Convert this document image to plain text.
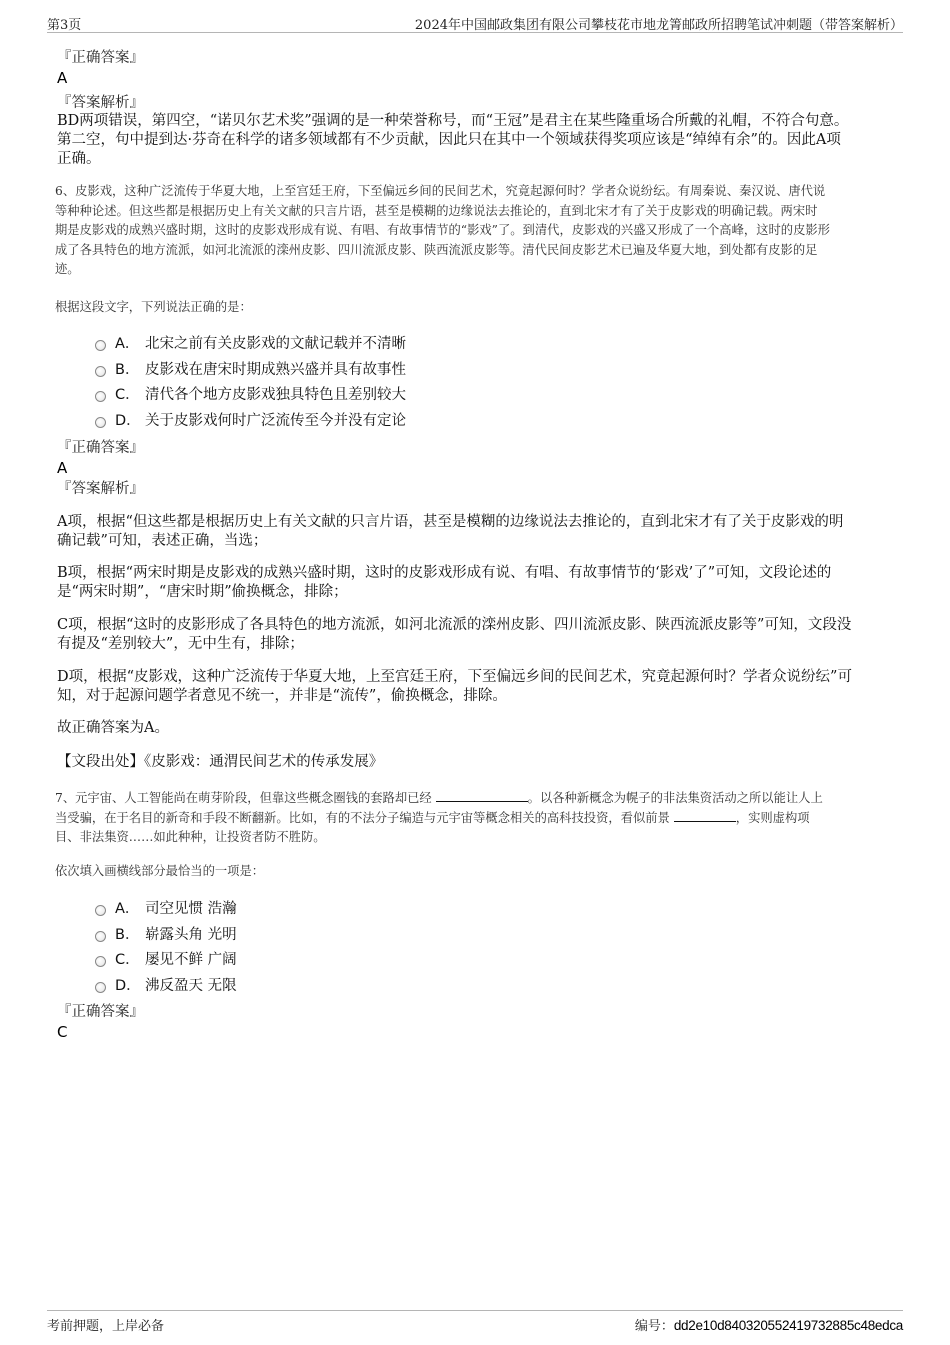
第3页	2024年中国邮政集团有限公司攀枝花市地龙箐邮政所招聘笔试冲刺题（带答案解析）
『正确答案』
A
『答案解析』
BD两项错误，第四空，“诺贝尔艺术奖”强调的是一种荣誉称号，而“王冠”是君主在某些隆重场合所戴的礼帽，不符合句意。
第二空，句中提到达·芬奇在科学的诸多领域都有不少贡献，因此只在其中一个领域获得奖项应该是“绰绰有余”的。因此A项
正确。
6、皮影戏，这种广泛流传于华夏大地，上至宫廷王府，下至偏远乡间的民间艺术，究竟起源何时？学者众说纷纭。有周秦说、秦汉说、唐代说
等种种论述。但这些都是根据历史上有关文献的只言片语，甚至是模糊的边缘说法去推论的，直到北宋才有了关于皮影戏的明确记载。两宋时
期是皮影戏的成熟兴盛时期，这时的皮影戏形成有说、有唱、有故事情节的“影戏”了。到清代，皮影戏的兴盛又形成了一个高峰，这时的皮影形
成了各具特色的地方流派，如河北流派的滦州皮影、四川流派皮影、陕西流派皮影等。清代民间皮影艺术已遍及华夏大地，到处都有皮影的足
迹。
根据这段文字，下列说法正确的是：
A． 北宋之前有关皮影戏的文献记载并不清晰
B． 皮影戏在唐宋时期成熟兴盛并具有故事性
C． 清代各个地方皮影戏独具特色且差别较大
D． 关于皮影戏何时广泛流传至今并没有定论
『正确答案』
A
『答案解析』
A项，根据“但这些都是根据历史上有关文献的只言片语，甚至是模糊的边缘说法去推论的，直到北宋才有了关于皮影戏的明
确记载”可知，表述正确，当选；
B项，根据“两宋时期是皮影戏的成熟兴盛时期，这时的皮影戏形成有说、有唱、有故事情节的‘影戏’了”可知，文段论述的
是“两宋时期”，“唐宋时期”偷换概念，排除；
C项，根据“这时的皮影形成了各具特色的地方流派，如河北流派的滦州皮影、四川流派皮影、陕西流派皮影等”可知，文段没
有提及“差别较大”，无中生有，排除；
D项，根据“皮影戏，这种广泛流传于华夏大地，上至宫廷王府，下至偏远乡间的民间艺术，究竟起源何时？学者众说纷纭”可
知，对于起源问题学者意见不统一，并非是“流传”，偷换概念，排除。
故正确答案为A。
【文段出处】《皮影戏：通渭民间艺术的传承发展》
7、元宇宙、人工智能尚在萌芽阶段，但靠这些概念圈钱的套路却已经	。以各种新概念为幌子的非法集资活动之所以能让人上
当受骗，在于名目的新奇和手段不断翻新。比如，有的不法分子编造与元宇宙等概念相关的高科技投资，看似前景	，实则虚构项
目、非法集资……如此种种，让投资者防不胜防。
依次填入画横线部分最恰当的一项是：
A． 司空见惯 浩瀚
B． 崭露头角 光明
C． 屡见不鲜 广阔
D． 沸反盈天 无限
『正确答案』
C
考前押题，上岸必备	编号：dd2e10d840320552419732885c48edca
